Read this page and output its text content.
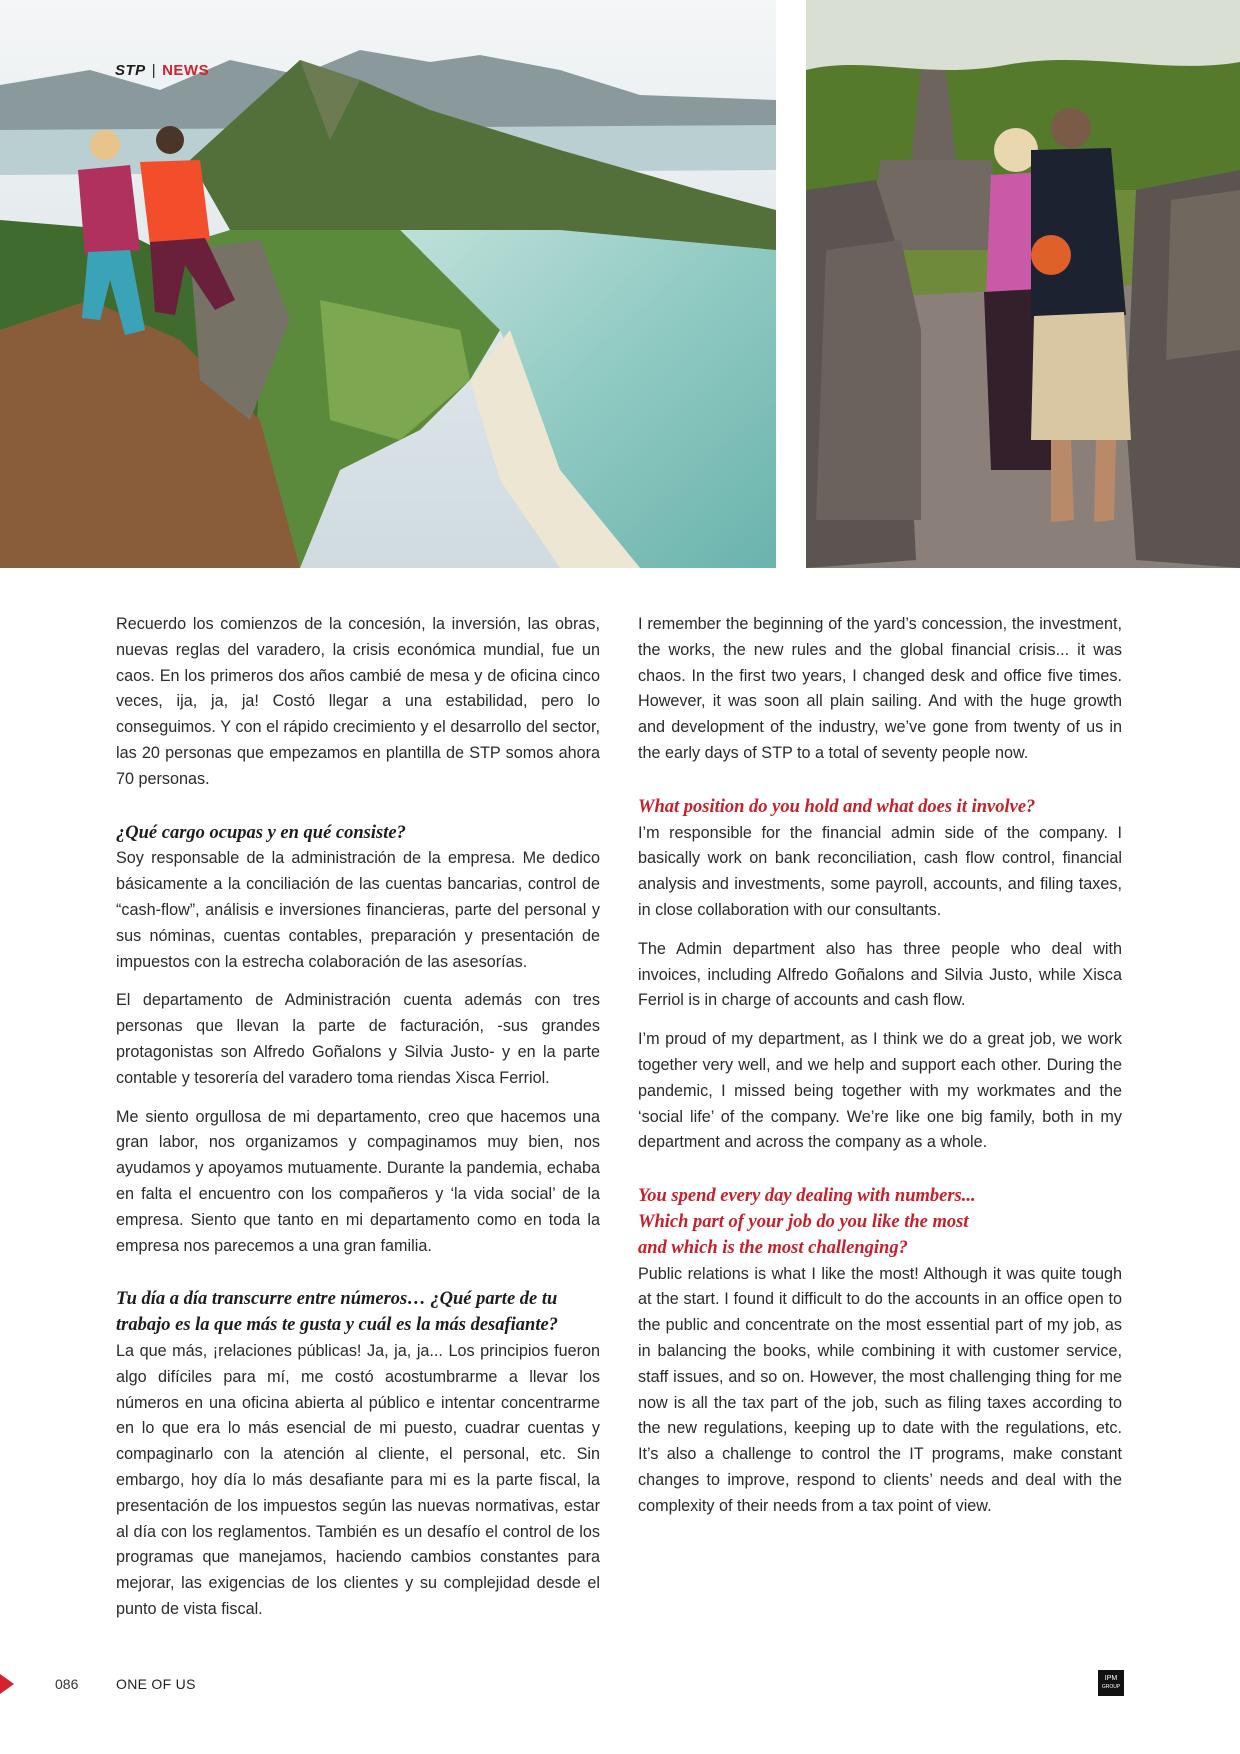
STP | NEWS

Recuerdo los comienzos de la concesión, la inversión, las obras, nuevas reglas del varadero, la crisis económica mundial, fue un caos. En los primeros dos años cambié de mesa y de oficina cinco veces, ija, ja, ja! Costó llegar a una estabilidad, pero lo conseguimos. Y con el rápido crecimiento y el desarrollo del sector, las 20 personas que empezamos en plantilla de STP somos ahora 70 personas.

¿Qué cargo ocupas y en qué consiste?

Soy responsable de la administración de la empresa. Me dedico básicamente a la conciliación de las cuentas bancarias, control de “cash-flow”, análisis e inversiones financieras, parte del personal y sus nóminas, cuentas contables, preparación y presentación de impuestos con la estrecha colaboración de las asesorías.

El departamento de Administración cuenta además con tres personas que llevan la parte de facturación, -sus grandes protagonistas son Alfredo Goñalons y Silvia Justo- y en la parte contable y tesorería del varadero toma riendas Xisca Ferriol.

Me siento orgullosa de mi departamento, creo que hacemos una gran labor, nos organizamos y compaginamos muy bien, nos ayudamos y apoyamos mutuamente. Durante la pandemia, echaba en falta el encuentro con los compañeros y ‘la vida social’ de la empresa. Siento que tanto en mi departamento como en toda la empresa nos parecemos a una gran familia.

Tu día a día transcurre entre números… ¿Qué parte de tu trabajo es la que más te gusta y cuál es la más desafiante?

La que más, ¡relaciones públicas! Ja, ja, ja... Los principios fueron algo difíciles para mí, me costó acostumbrarme a llevar los números en una oficina abierta al público e intentar concentrarme en lo que era lo más esencial de mi puesto, cuadrar cuentas y compaginarlo con la atención al cliente, el personal, etc. Sin embargo, hoy día lo más desafiante para mi es la parte fiscal, la presentación de los impuestos según las nuevas normativas, estar al día con los reglamentos. También es un desafío el control de los programas que manejamos, haciendo cambios constantes para mejorar, las exigencias de los clientes y su complejidad desde el punto de vista fiscal.

I remember the beginning of the yard’s concession, the investment, the works, the new rules and the global financial crisis... it was chaos. In the first two years, I changed desk and office five times. However, it was soon all plain sailing. And with the huge growth and development of the industry, we’ve gone from twenty of us in the early days of STP to a total of seventy people now.

What position do you hold and what does it involve?

I’m responsible for the financial admin side of the company. I basically work on bank reconciliation, cash flow control, financial analysis and investments, some payroll, accounts, and filing taxes, in close collaboration with our consultants.

The Admin department also has three people who deal with invoices, including Alfredo Goñalons and Silvia Justo, while Xisca Ferriol is in charge of accounts and cash flow.

I’m proud of my department, as I think we do a great job, we work together very well, and we help and support each other. During the pandemic, I missed being together with my workmates and the ‘social life’ of the company. We’re like one big family, both in my department and across the company as a whole.

You spend every day dealing with numbers...
Which part of your job do you like the most
and which is the most challenging?

Public relations is what I like the most! Although it was quite tough at the start. I found it difficult to do the accounts in an office open to the public and concentrate on the most essential part of my job, as in balancing the books, while combining it with customer service, staff issues, and so on. However, the most challenging thing for me now is all the tax part of the job, such as filing taxes according to the new regulations, keeping up to date with the regulations, etc. It’s also a challenge to control the IT programs, make constant changes to improve, respond to clients’ needs and deal with the complexity of their needs from a tax point of view.

086	ONE OF US	IPM
GROUP
